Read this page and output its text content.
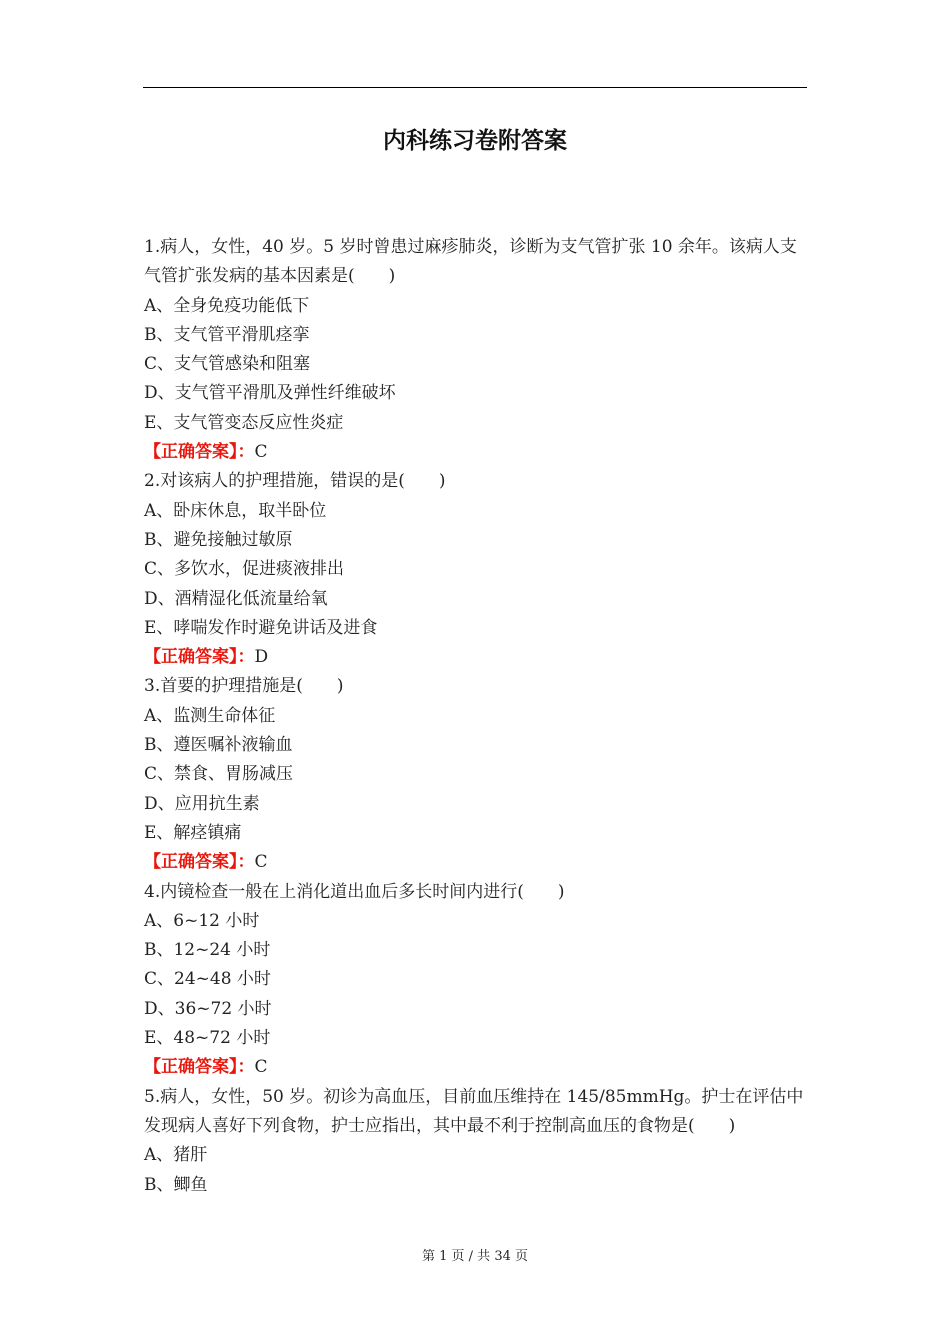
内科练习卷附答案
1.病人，女性，40 岁。5 岁时曾患过麻疹肺炎，诊断为支气管扩张 10 余年。该病人支气管扩张发病的基本因素是(　　)
A、全身免疫功能低下
B、支气管平滑肌痉挛
C、支气管感染和阻塞
D、支气管平滑肌及弹性纤维破坏
E、支气管变态反应性炎症
【正确答案】：C
2.对该病人的护理措施，错误的是(　　)
A、卧床休息，取半卧位
B、避免接触过敏原
C、多饮水，促进痰液排出
D、酒精湿化低流量给氧
E、哮喘发作时避免讲话及进食
【正确答案】：D
3.首要的护理措施是(　　)
A、监测生命体征
B、遵医嘱补液输血
C、禁食、胃肠减压
D、应用抗生素
E、解痉镇痛
【正确答案】：C
4.内镜检查一般在上消化道出血后多长时间内进行(　　)
A、6~12 小时
B、12~24 小时
C、24~48 小时
D、36~72 小时
E、48~72 小时
【正确答案】：C
5.病人，女性，50 岁。初诊为高血压，目前血压维持在 145/85mmHg。护士在评估中发现病人喜好下列食物，护士应指出，其中最不利于控制高血压的食物是(　　)
A、猪肝
B、鲫鱼
第 1 页 / 共 34 页
